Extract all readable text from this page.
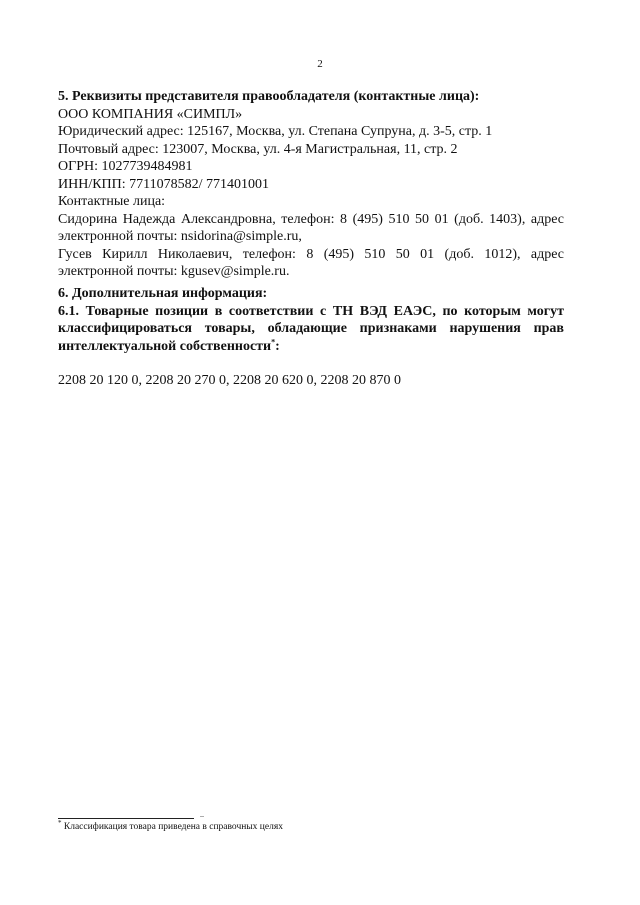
2
5. Реквизиты представителя правообладателя (контактные лица):
ООО КОМПАНИЯ «СИМПЛ»
Юридический адрес: 125167, Москва, ул. Степана Супруна, д. 3-5, стр. 1
Почтовый адрес: 123007, Москва, ул. 4-я Магистральная, 11, стр. 2
ОГРН: 1027739484981
ИНН/КПП: 7711078582/ 771401001
Контактные лица:
Сидорина Надежда Александровна, телефон: 8 (495) 510 50 01 (доб. 1403), адрес
электронной почты: nsidorina@simple.ru,
Гусев Кирилл Николаевич, телефон: 8 (495) 510 50 01 (доб. 1012), адрес
электронной почты: kgusev@simple.ru.
6. Дополнительная информация:
6.1. Товарные позиции в соответствии с ТН ВЭД ЕАЭС, по которым могут
классифицироваться товары, обладающие признаками нарушения прав
интеллектуальной собственности*:
2208 20 120 0, 2208 20 270 0, 2208 20 620 0, 2208 20 870 0
..
* Классификация товара приведена в справочных целях
